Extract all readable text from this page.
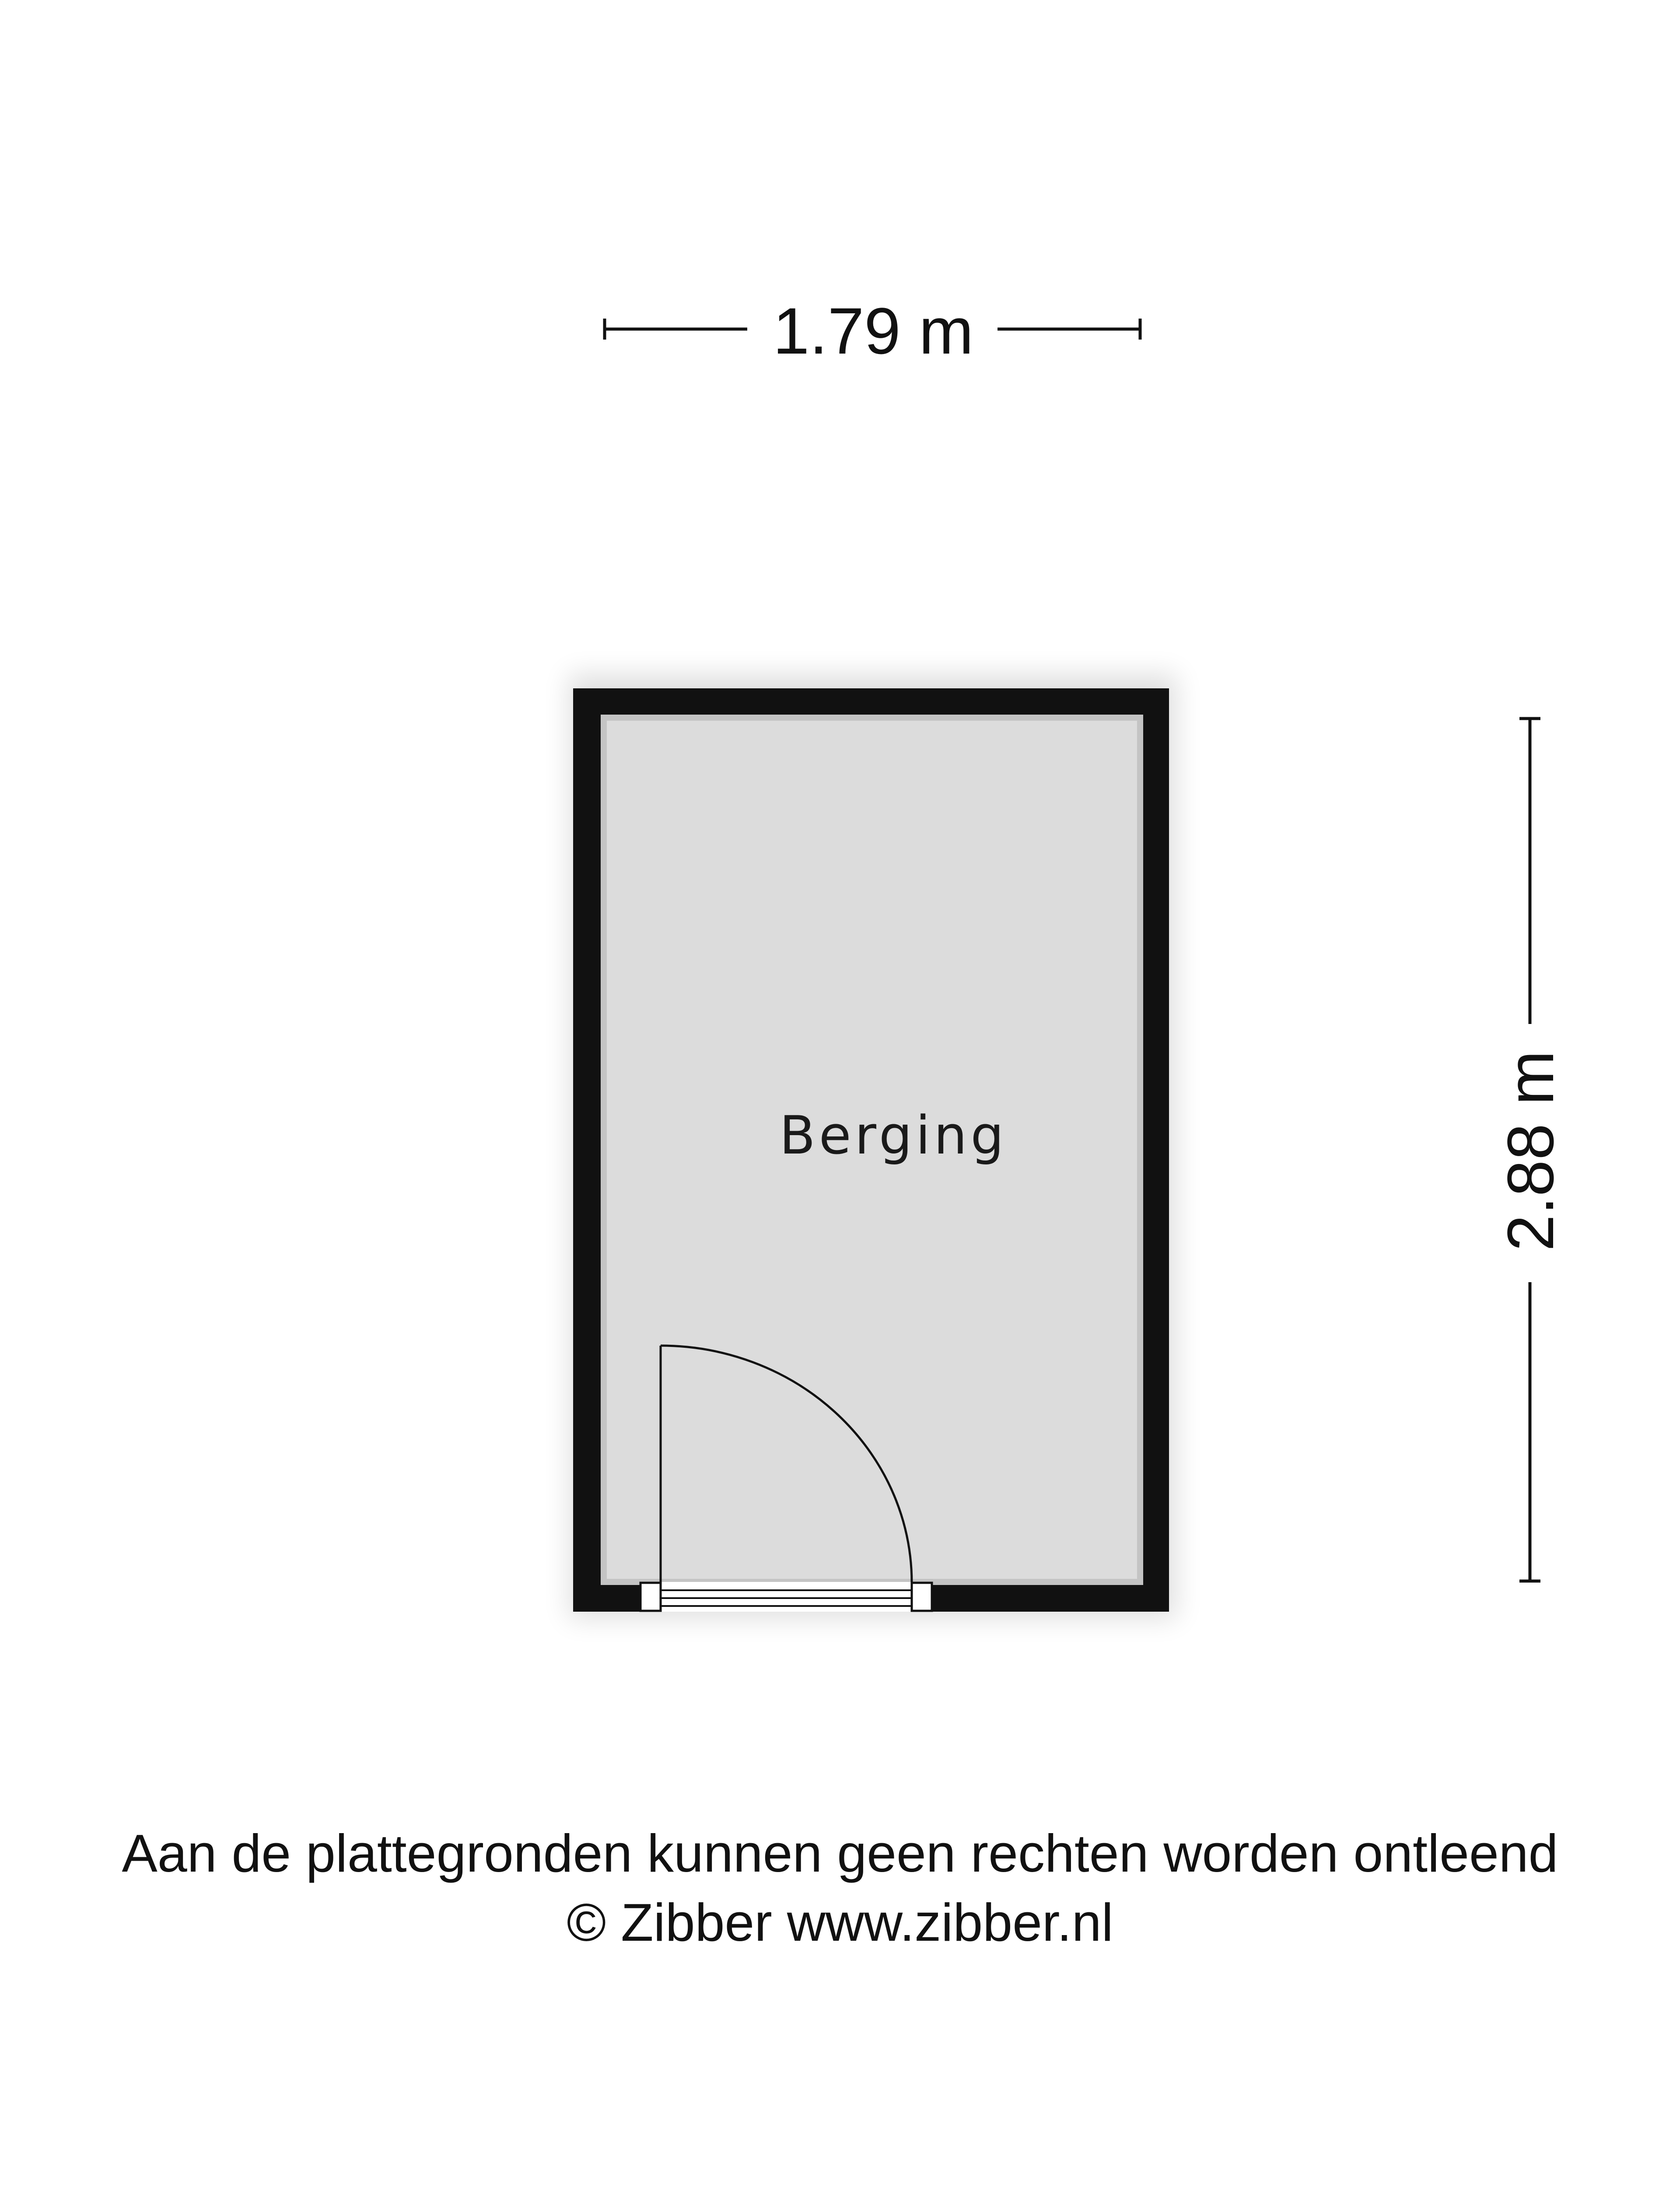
1.79 m
2.88 m
Berging
Aan de plattegronden kunnen geen rechten worden ontleend
© Zibber www.zibber.nl
